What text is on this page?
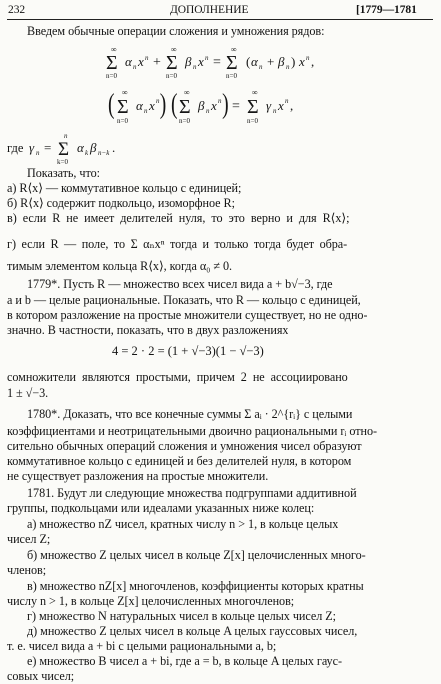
232	ДОПОЛНЕНИЕ	[1779—1781
Введем обычные операции сложения и умножения рядов:
∞
Σ
n=0
α n x n +
∞
Σ
n=0
β n x n =
∞
Σ
n=0
( α n + β n ) x n ,
( ∞
Σ
n=0
α n x n ) ( ∞
Σ
n=0
β n x n ) =
∞
Σ
n=0
γ n x n ,
где γ n =
n
Σ
k=0
α k β n−k .
Показать, что:
а) R⟨x⟩ — коммутативное кольцо с единицей;
б) R⟨x⟩ содержит подкольцо, изоморфное R;
в) если R не имеет делителей нуля, то это верно и для R⟨x⟩;
г) если R — поле, то Σ αₙxⁿ тогда и только тогда будет обра-
тимым элементом кольца R⟨x⟩, когда α₀ ≠ 0.
1779*. Пусть R — множество всех чисел вида a + b√−3, где
a и b — целые рациональные. Показать, что R — кольцо с единицей,
в котором разложение на простые множители существует, но не одно-
значно. В частности, показать, что в двух разложениях
4 = 2 · 2 = (1 + √−3)(1 − √−3)
сомножители являются простыми, причем 2 не ассоциировано
1 ± √−3.
1780*. Доказать, что все конечные суммы Σ aᵢ · 2^{rᵢ} с целыми
коэффициентами и неотрицательными двоично рациональными rᵢ отно-
сительно обычных операций сложения и умножения чисел образуют
коммутативное кольцо с единицей и без делителей нуля, в котором
не существует разложения на простые множители.
1781. Будут ли следующие множества подгруппами аддитивной
группы, подкольцами или идеалами указанных ниже колец:
а) множество nZ чисел, кратных числу n > 1, в кольце целых
чисел Z;
б) множество Z целых чисел в кольце Z[x] целочисленных много-
членов;
в) множество nZ[x] многочленов, коэффициенты которых кратны
числу n > 1, в кольце Z[x] целочисленных многочленов;
г) множество N натуральных чисел в кольце целых чисел Z;
д) множество Z целых чисел в кольце A целых гауссовых чисел,
т. е. чисел вида a + bi с целыми рациональными a, b;
е) множество B чисел a + bi, где a = b, в кольце A целых гаус-
совых чисел;
